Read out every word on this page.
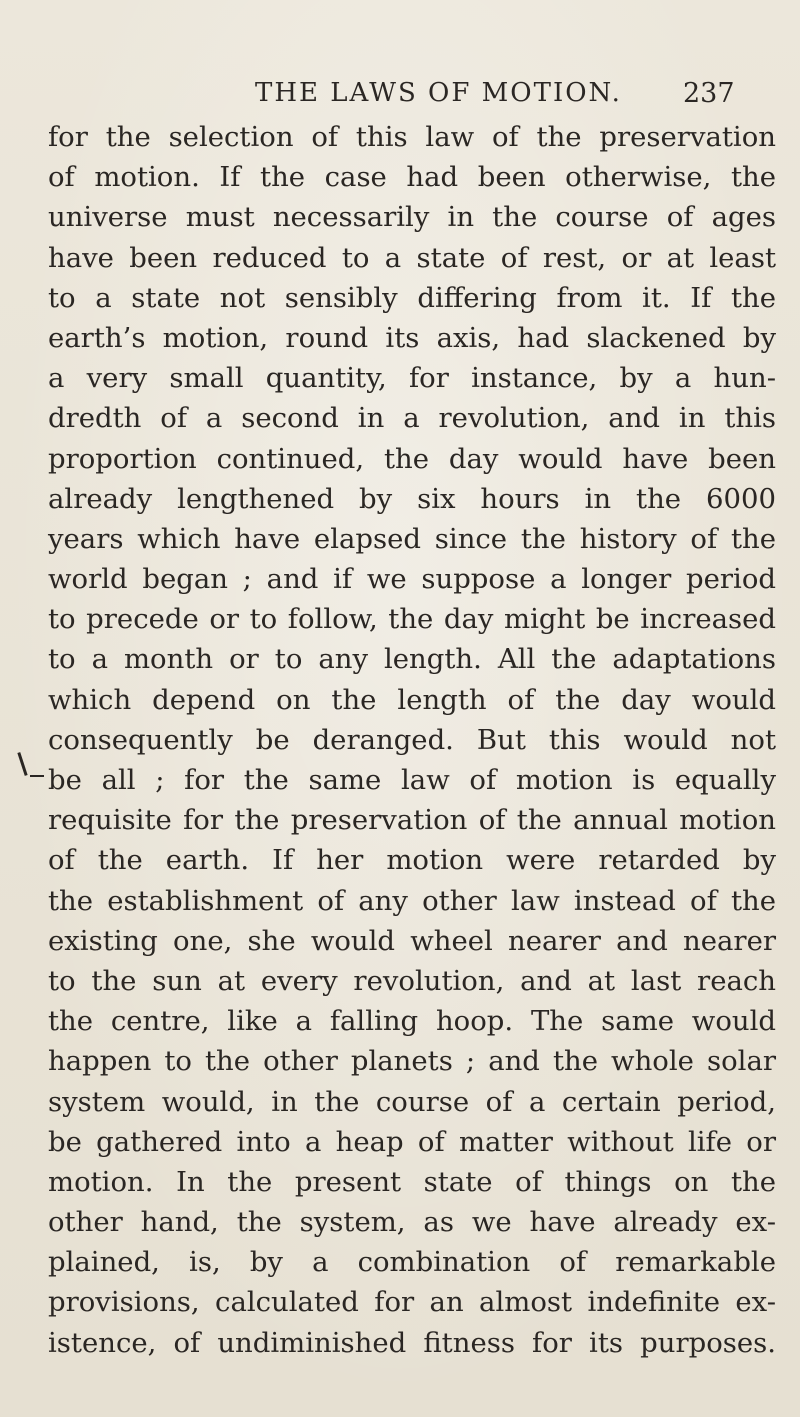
THE LAWS OF MOTION. 237
for the selection of this law of the preservation
of motion. If the case had been otherwise, the
universe must necessarily in the course of ages
have been reduced to a state of rest, or at least
to a state not sensibly differing from it. If the
earth’s motion, round its axis, had slackened by
a very small quantity, for instance, by a hun-
dredth of a second in a revolution, and in this
proportion continued, the day would have been
already lengthened by six hours in the 6000
years which have elapsed since the history of the
world began ; and if we suppose a longer period
to precede or to follow, the day might be increased
to a month or to any length. All the adaptations
which depend on the length of the day would
consequently be deranged. But this would not
be all ; for the same law of motion is equally
requisite for the preservation of the annual motion
of the earth. If her motion were retarded by
the establishment of any other law instead of the
existing one, she would wheel nearer and nearer
to the sun at every revolution, and at last reach
the centre, like a falling hoop. The same would
happen to the other planets ; and the whole solar
system would, in the course of a certain period,
be gathered into a heap of matter without life or
motion. In the present state of things on the
other hand, the system, as we have already ex-
plained, is, by a combination of remarkable
provisions, calculated for an almost indefinite ex-
istence, of undiminished fitness for its purposes.
